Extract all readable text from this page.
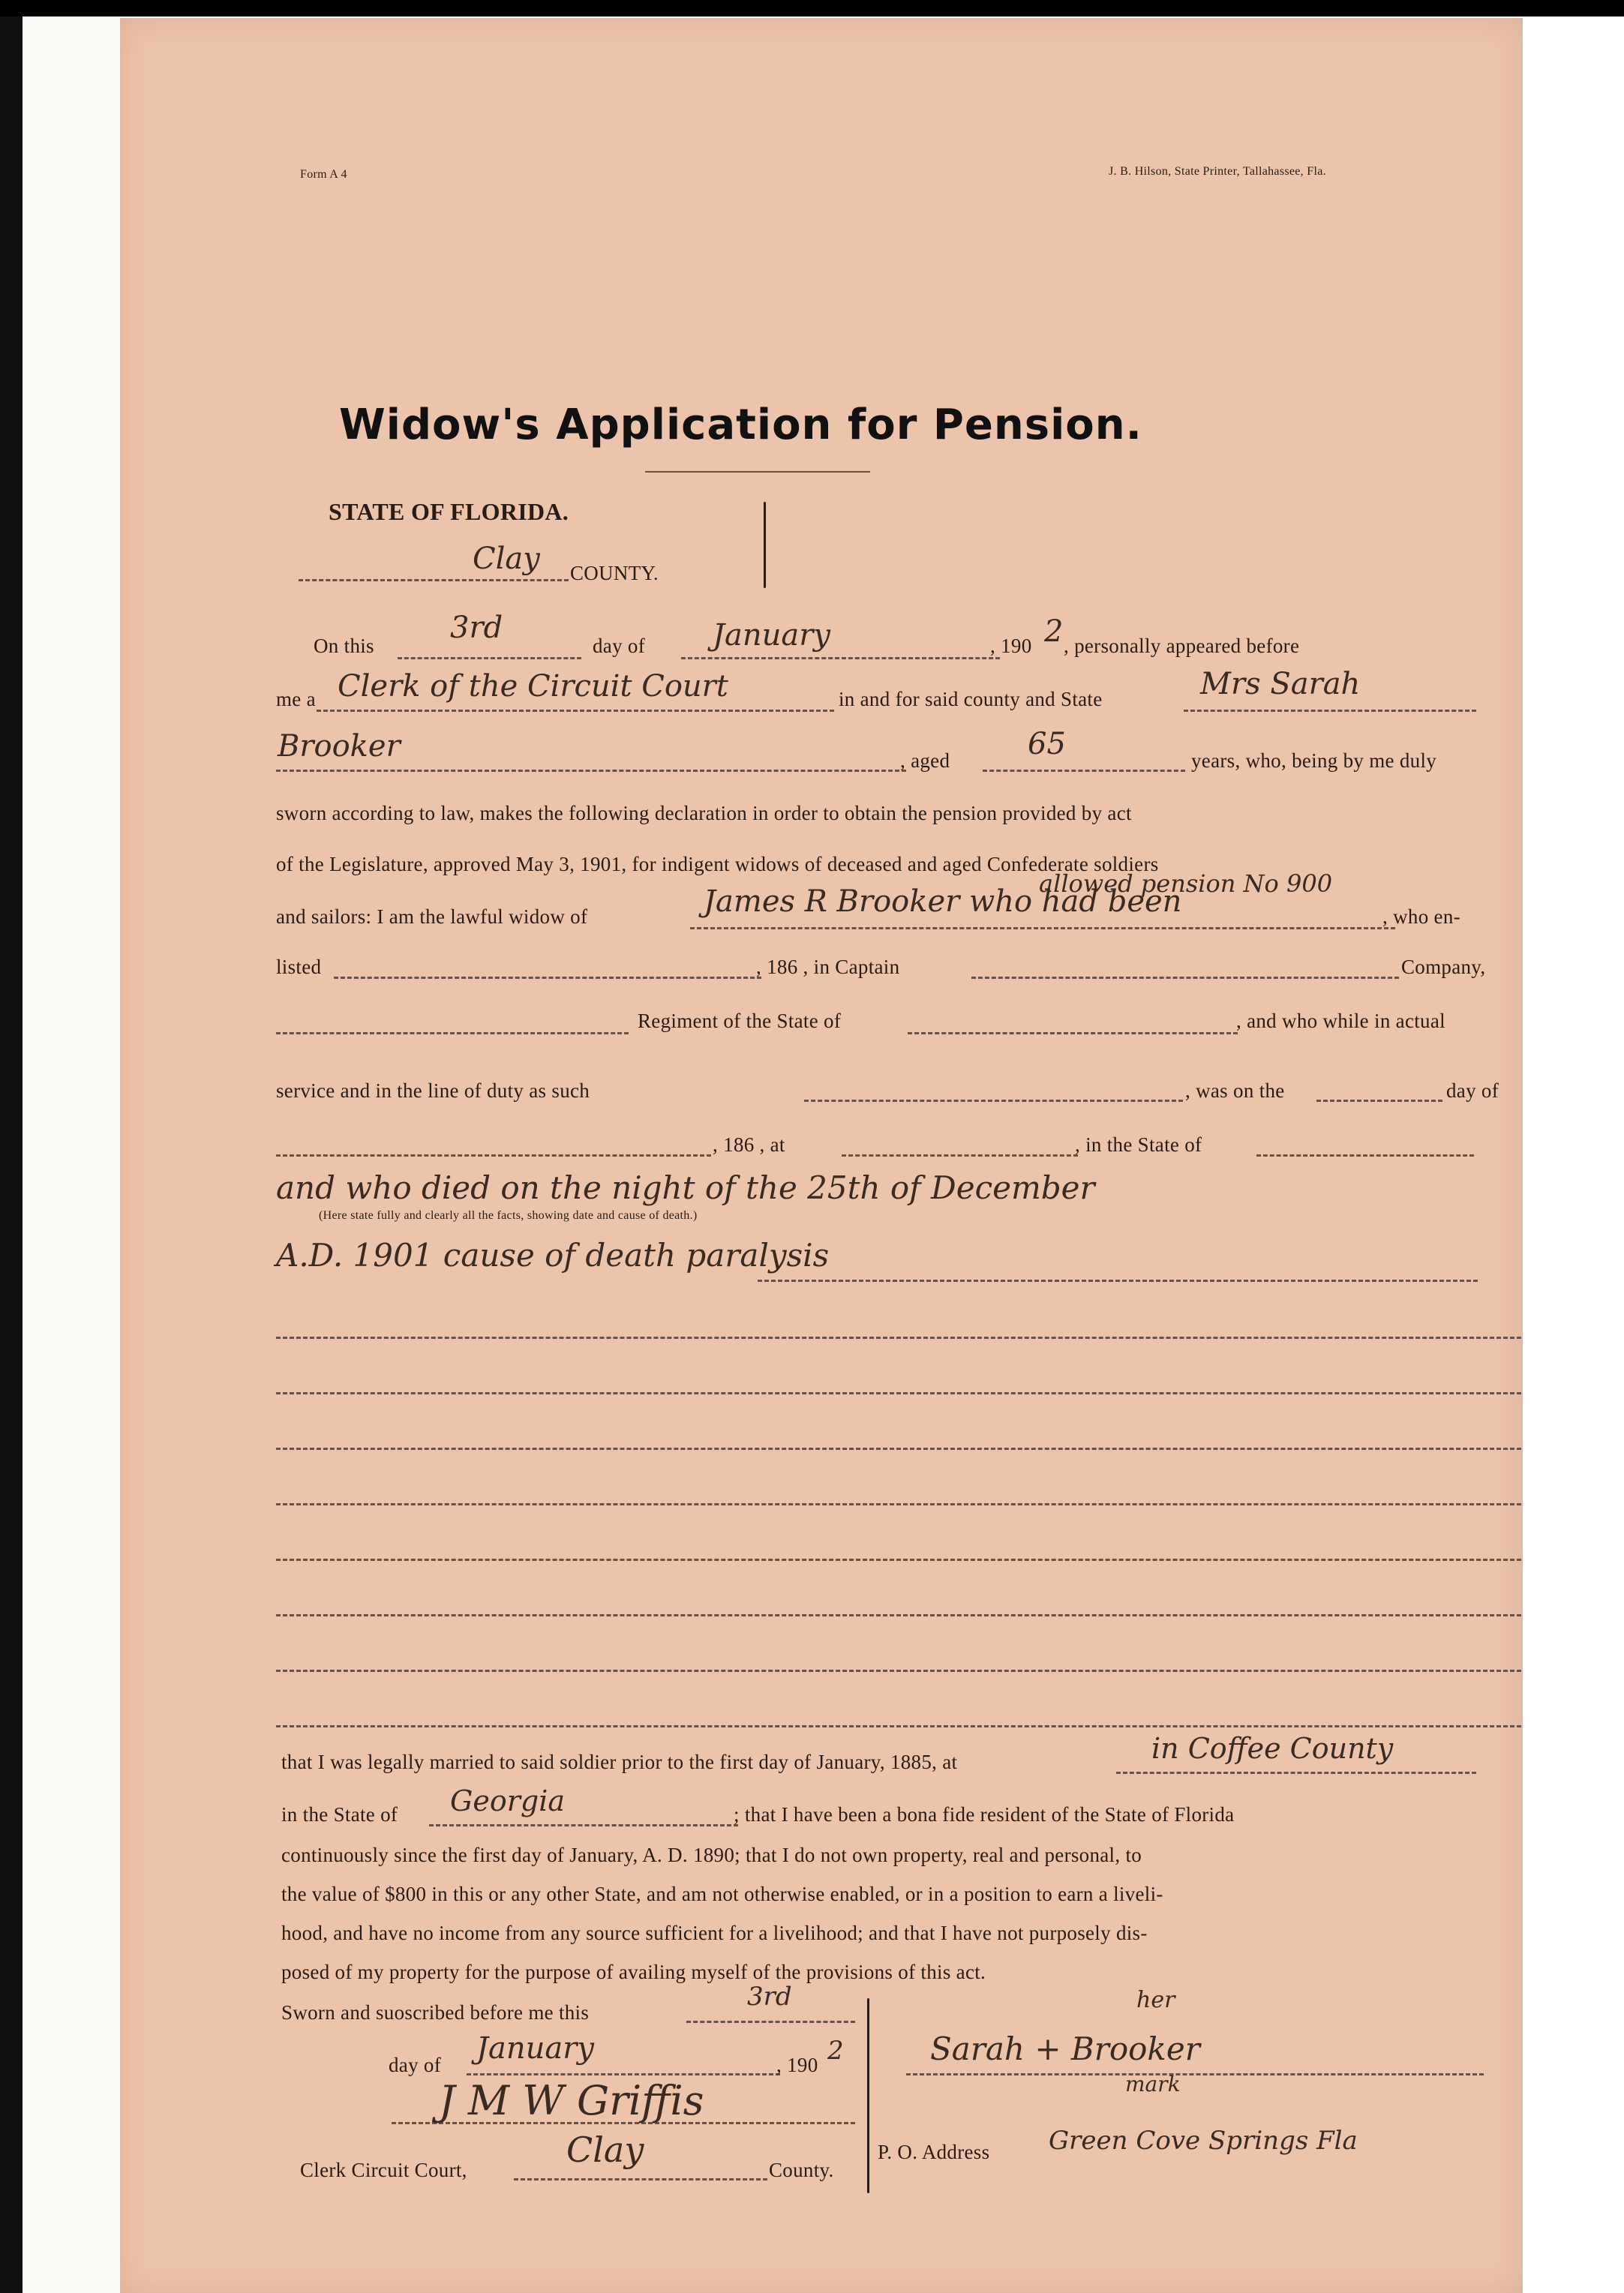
Form A 4	J. B. Hilson, State Printer, Tallahassee, Fla.
Widow's Application for Pension.
STATE OF FLORIDA.
Clay COUNTY.
On this
3rd
day of January	, 190 2 , personally appeared before
me a Clerk of the Circuit Court	in and for said county and State	Mrs Sarah
Brooker	, aged	65	years, who, being by me duly
sworn according to law, makes the following declaration in order to obtain the pension provided by act
of the Legislature, approved May 3, 1901, for indigent widows of deceased and aged Confederate soldiers
allowed pension No 900
and sailors: I am the lawful widow of	James R Brooker who had been	, who en-
listed	, 186 , in Captain	Company,
Regiment of the State of	, and who while in actual
service and in the line of duty as such	, was on the	day of
, 186 , at	, in the State of
and who died on the night of the 25th of December
(Here state fully and clearly all the facts, showing date and cause of death.)
A.D. 1901 cause of death paralysis
that I was legally married to said soldier prior to the first day of January, 1885, at	in Coffee County
in the State of Georgia	; that I have been a bona fide resident of the State of Florida
continuously since the first day of January, A. D. 1890; that I do not own property, real and personal, to
the value of $800 in this or any other State, and am not otherwise enabled, or in a position to earn a liveli-
hood, and have no income from any source sufficient for a livelihood; and that I have not purposely dis-
posed of my property for the purpose of availing myself of the provisions of this act.
Sworn and suoscribed before me this
3rd
day of January	, 190 2
J M W Griffis
Clerk Circuit Court,	Clay	County.
her
Sarah + Brooker
mark
P. O. Address Green Cove Springs Fla
